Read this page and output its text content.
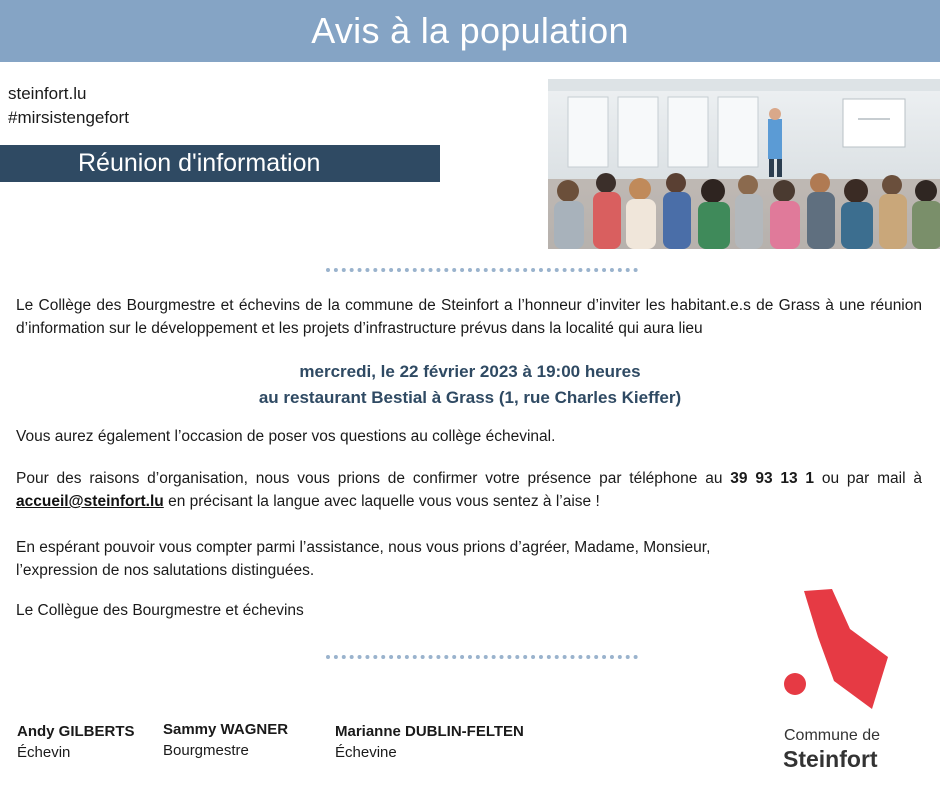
Avis à la population
steinfort.lu
#mirsistengefort
Réunion d'information

Le Collège des Bourgmestre et échevins de la commune de Steinfort a l’honneur d’inviter les habitant.e.s de Grass à une réunion d’information sur le développement et les projets d’infrastructure prévus dans la localité qui aura lieu

mercredi, le 22 février 2023 à 19:00 heures
au restaurant Bestial à Grass (1, rue Charles Kieffer)

Vous aurez également l’occasion de poser vos questions au collège échevinal.

Pour des raisons d’organisation, nous vous prions de confirmer votre présence par téléphone au 39 93 13 1 ou par mail à accueil@steinfort.lu en précisant la langue avec laquelle vous vous sentez à l’aise !

En espérant pouvoir vous compter parmi l’assistance, nous vous prions d’agréer, Madame, Monsieur,
l’expression de nos salutations distinguées.

Le Collègue des Bourgmestre et échevins

Andy GILBERTS
Échevin
Sammy WAGNER
Bourgmestre
Marianne DUBLIN-FELTEN
Échevine
Commune de
Steinfort
